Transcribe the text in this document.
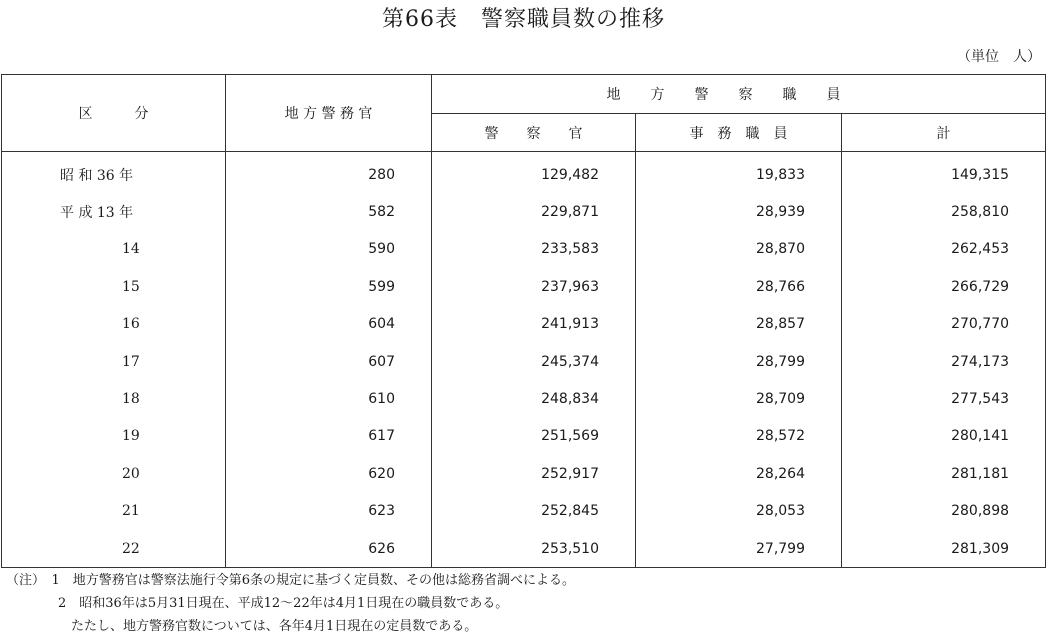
第66表　警察職員数の推移
（単位　人）
区　　　分	地 方 警 務 官	地方警察職員		
		警　　察　　官	事　務　職　員	計
昭 和 36 年	280	129,482	19,833	149,315
平 成 13 年	582	229,871	28,939	258,810
14	590	233,583	28,870	262,453
15	599	237,963	28,766	266,729
16	604	241,913	28,857	270,770
17	607	245,374	28,799	274,173
18	610	248,834	28,709	277,543
19	617	251,569	28,572	280,141
20	620	252,917	28,264	281,181
21	623	252,845	28,053	280,898
22	626	253,510	27,799	281,309
（注）　1　地方警務官は警察法施行令第6条の規定に基づく定員数、その他は総務省調べによる。
　　　　2　昭和36年は5月31日現在、平成12～22年は4月1日現在の職員数である。
　　　　　たたし、地方警務官数については、各年4月1日現在の定員数である。
